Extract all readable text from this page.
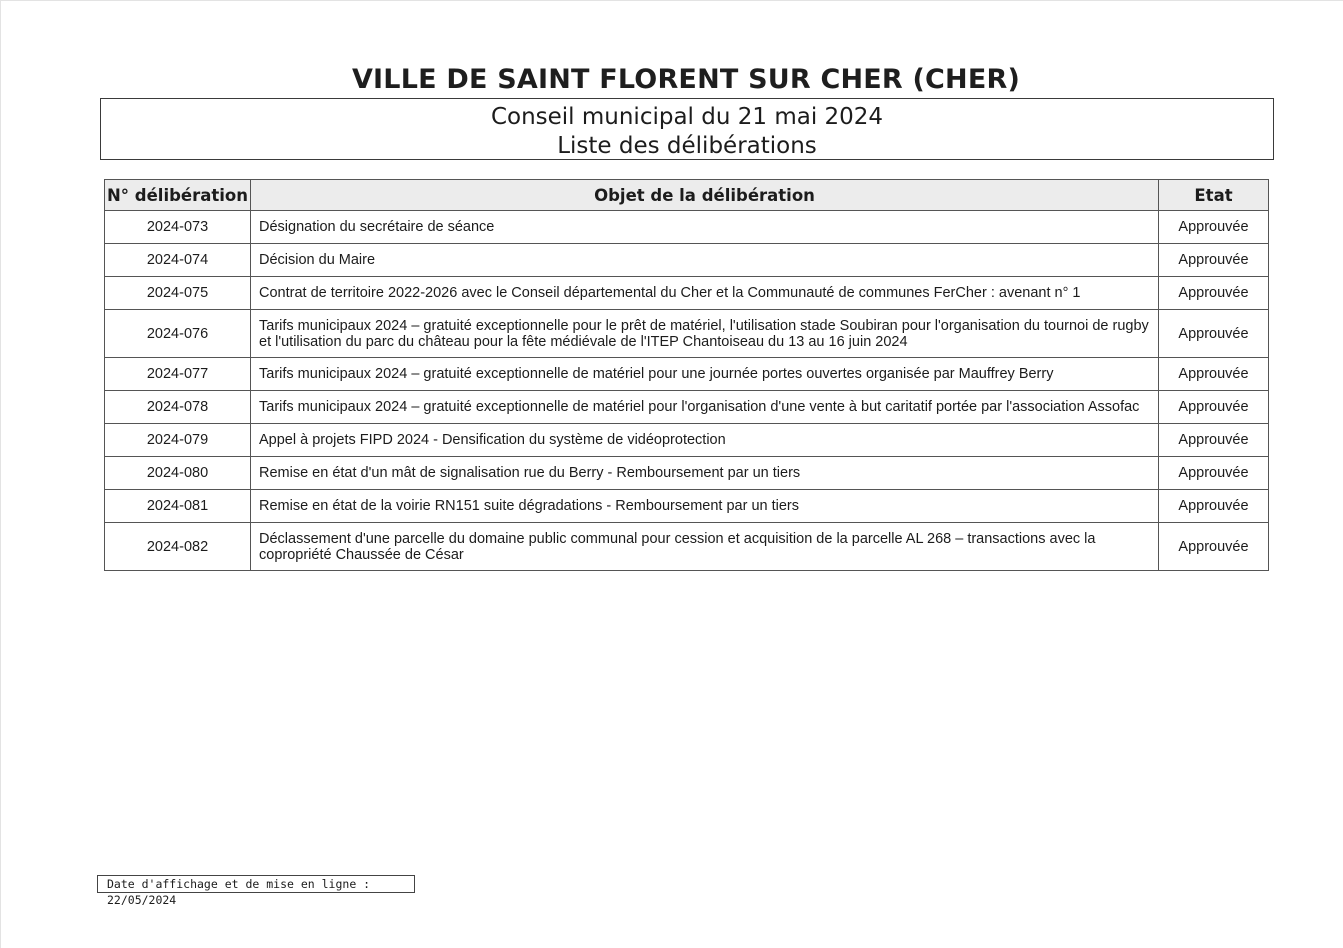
VILLE DE SAINT FLORENT SUR CHER (CHER)
Conseil municipal du 21 mai 2024
Liste des délibérations
N° délibération	Objet de la délibération	Etat
2024-073	Désignation du secrétaire de séance	Approuvée
2024-074	Décision du Maire	Approuvée
2024-075	Contrat de territoire 2022-2026 avec le Conseil départemental du Cher et la Communauté de communes FerCher : avenant n° 1	Approuvée
2024-076	Tarifs municipaux 2024 – gratuité exceptionnelle pour le prêt de matériel, l'utilisation stade Soubiran pour l'organisation du tournoi de rugby et l'utilisation du parc du château pour la fête médiévale de l'ITEP Chantoiseau du 13 au 16 juin 2024	Approuvée
2024-077	Tarifs municipaux 2024 – gratuité exceptionnelle de matériel pour une journée portes ouvertes organisée par Mauffrey Berry	Approuvée
2024-078	Tarifs municipaux 2024 – gratuité exceptionnelle de matériel pour l'organisation d'une vente à but caritatif portée par l'association Assofac	Approuvée
2024-079	Appel à projets FIPD 2024 - Densification du système de vidéoprotection	Approuvée
2024-080	Remise en état d'un mât de signalisation rue du Berry - Remboursement par un tiers	Approuvée
2024-081	Remise en état de la voirie RN151 suite dégradations - Remboursement par un tiers	Approuvée
2024-082	Déclassement d'une parcelle du domaine public communal pour cession et acquisition de la parcelle AL 268 – transactions avec la copropriété Chaussée de César	Approuvée
Date d'affichage et de mise en ligne : 22/05/2024
